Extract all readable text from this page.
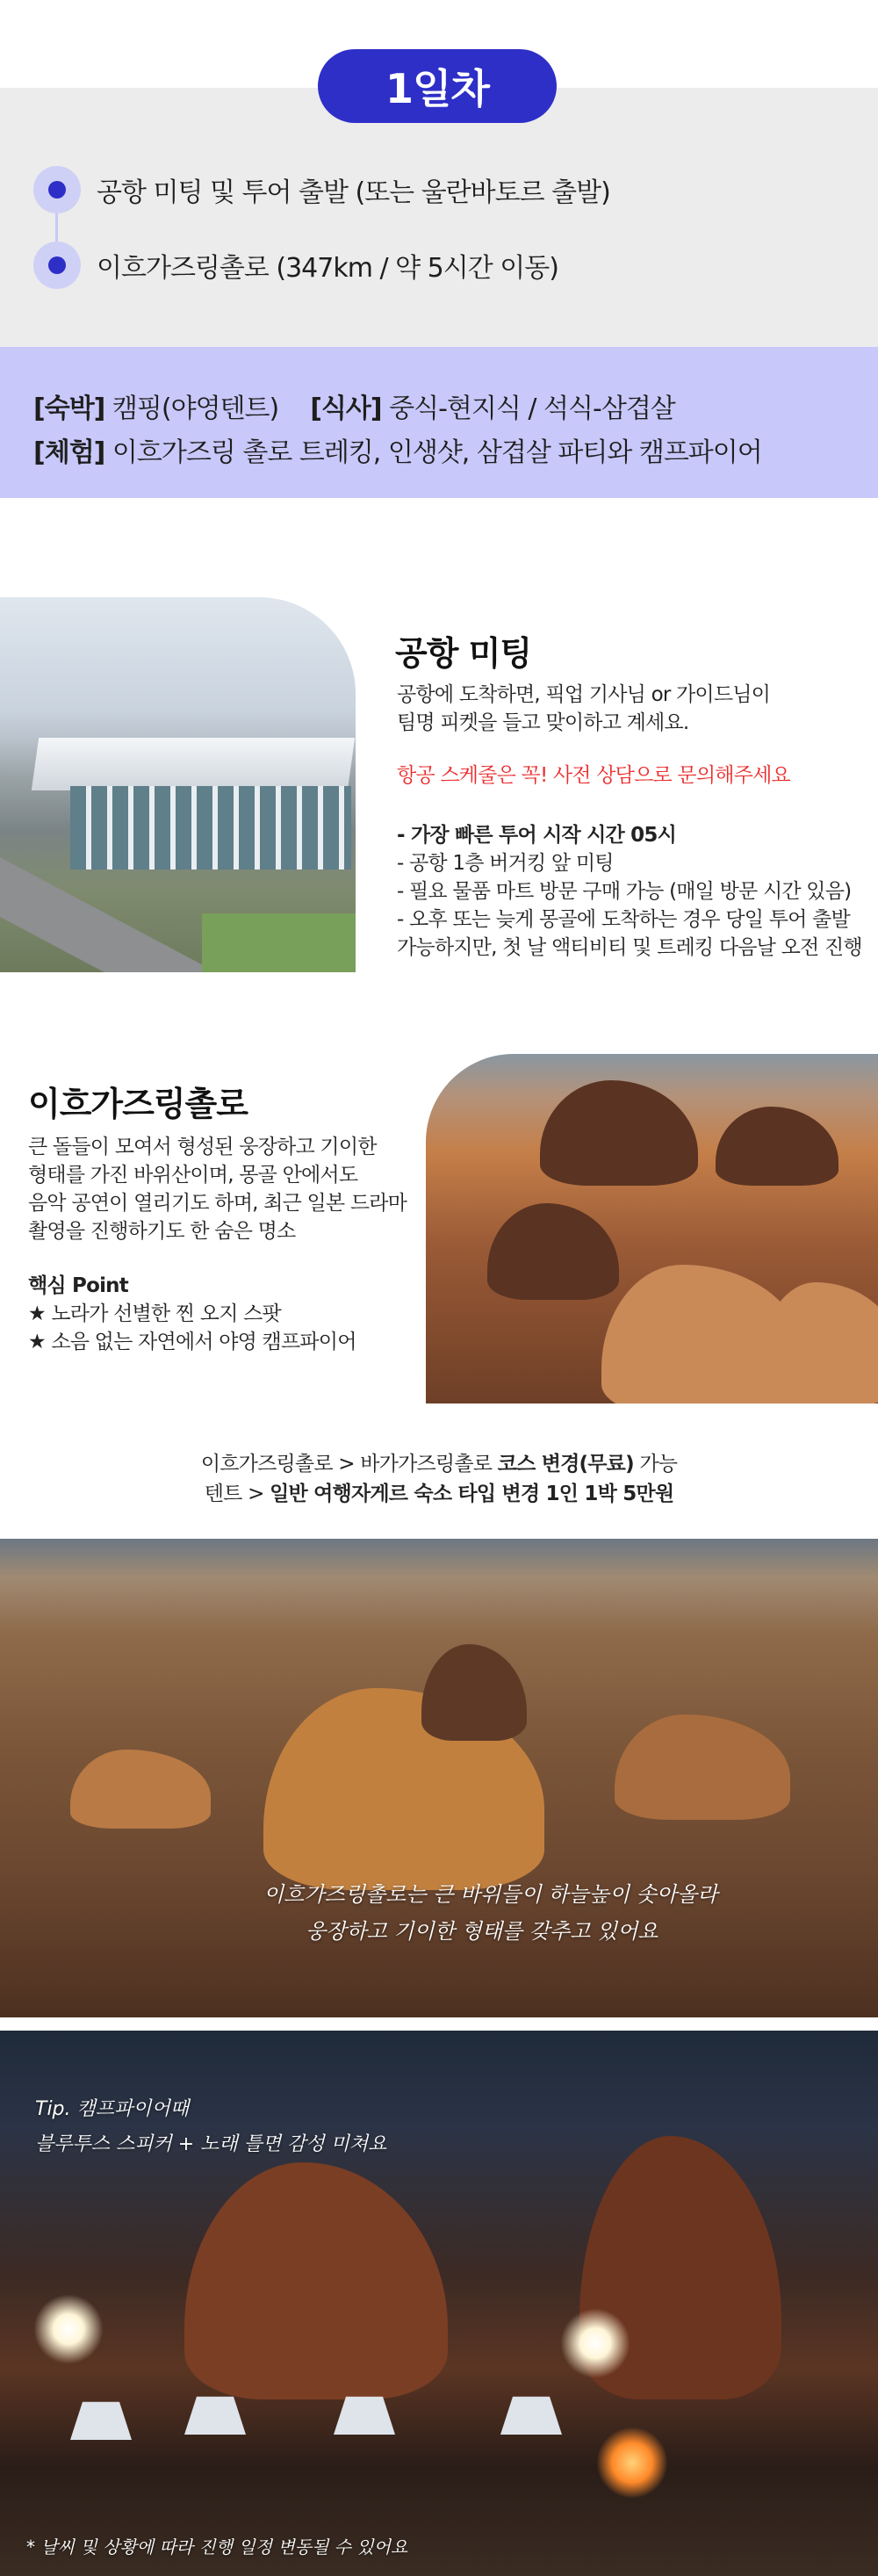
1일차
공항 미팅 및 투어 출발 (또는 울란바토르 출발)
이흐가즈링촐로 (347km / 약 5시간 이동)
[숙박] 캠핑(야영텐트) [식사] 중식-현지식 / 석식-삼겹살
[체험] 이흐가즈링 촐로 트레킹, 인생샷, 삼겹살 파티와 캠프파이어
공항 미팅
공항에 도착하면, 픽업 기사님 or 가이드님이
팀명 피켓을 들고 맞이하고 계세요.
항공 스케줄은 꼭! 사전 상담으로 문의해주세요
- 가장 빠른 투어 시작 시간 05시
- 공항 1층 버거킹 앞 미팅
- 필요 물품 마트 방문 구매 가능 (매일 방문 시간 있음)
- 오후 또는 늦게 몽골에 도착하는 경우 당일 투어 출발
가능하지만, 첫 날 액티비티 및 트레킹 다음날 오전 진행
이흐가즈링촐로
큰 돌들이 모여서 형성된 웅장하고 기이한
형태를 가진 바위산이며, 몽골 안에서도
음악 공연이 열리기도 하며, 최근 일본 드라마
촬영을 진행하기도 한 숨은 명소
핵심 Point
★ 노라가 선별한 찐 오지 스팟
★ 소음 없는 자연에서 야영 캠프파이어
이흐가즈링촐로 > 바가가즈링촐로 코스 변경(무료) 가능
텐트 > 일반 여행자게르 숙소 타입 변경 1인 1박 5만원
이흐가즈링촐로는 큰 바위들이 하늘높이 솟아올라
웅장하고 기이한 형태를 갖추고 있어요
Tip. 캠프파이어때
블루투스 스피커 + 노래 틀면 감성 미쳐요
* 날씨 및 상황에 따라 진행 일정 변동될 수 있어요
